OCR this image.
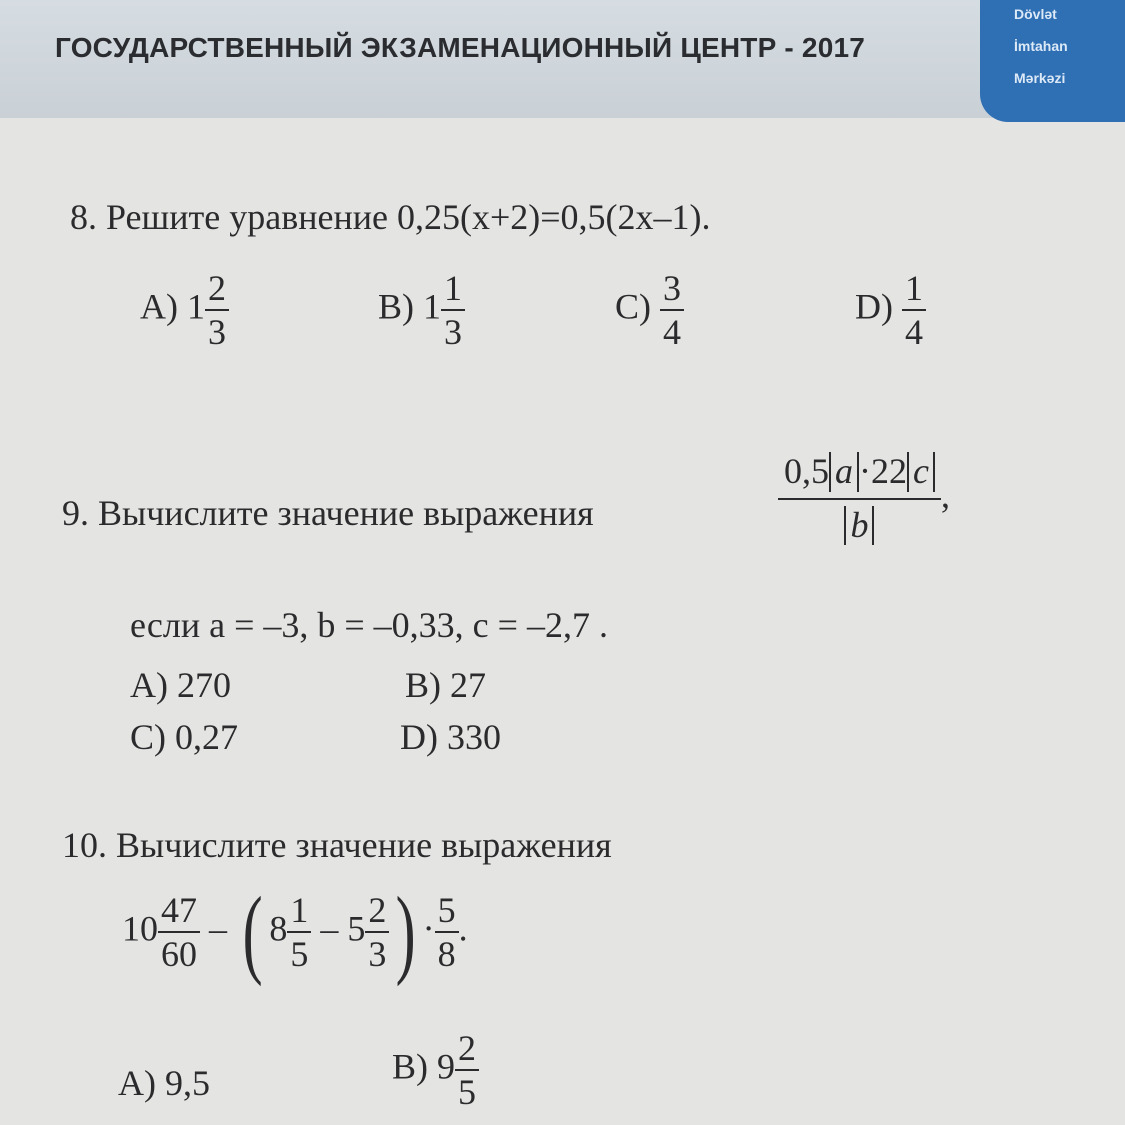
ГОСУДАРСТВЕННЫЙ ЭКЗАМЕНАЦИОННЫЙ ЦЕНТР - 2017
Dövlət
İmtahan
Mərkəzi
8. Решите уравнение 0,25(x+2)=0,5(2x–1).
A) $1 \frac{2}{3}$	B) $1 \frac{1}{3}$	$C) \frac{3}{4}$	$D) \frac{1}{4}$
9. Вычислите значение выражения	$\frac{0,5 a \cdot 22 c}{b}$ ,
если a = –3, b = –0,33, c = –2,7 .
A) 270	B) 27
C) 0,27	D) 330
10. Вычислите значение выражения
$10 \frac{47}{60}$ – ( $8 \frac{1}{5} - 5 \frac{2}{3}$ ) · $\frac{5}{8}$ .
A) 9,5	B) $9 \frac{2}{5}$
